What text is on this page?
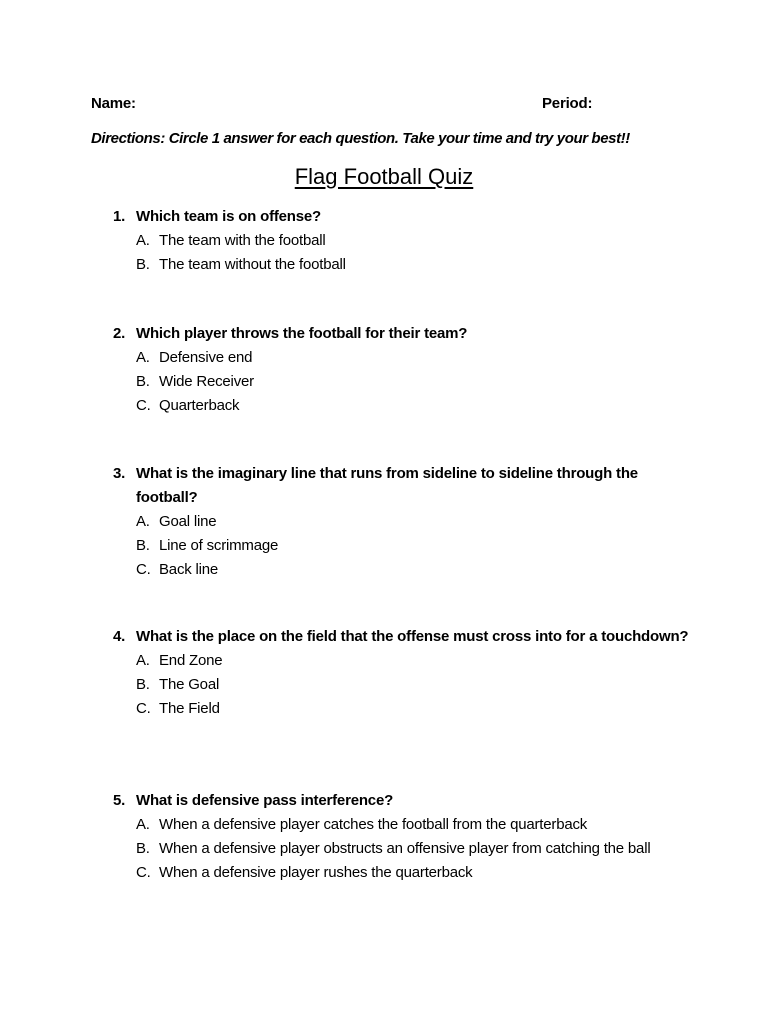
Name:	Period:
Directions: Circle 1 answer for each question. Take your time and try your best!!
Flag Football Quiz
1. Which team is on offense?
A. The team with the football
B. The team without the football
2. Which player throws the football for their team?
A. Defensive end
B. Wide Receiver
C. Quarterback
3. What is the imaginary line that runs from sideline to sideline through the football?
A. Goal line
B. Line of scrimmage
C. Back line
4. What is the place on the field that the offense must cross into for a touchdown?
A. End Zone
B. The Goal
C. The Field
5. What is defensive pass interference?
A. When a defensive player catches the football from the quarterback
B. When a defensive player obstructs an offensive player from catching the ball
C. When a defensive player rushes the quarterback
